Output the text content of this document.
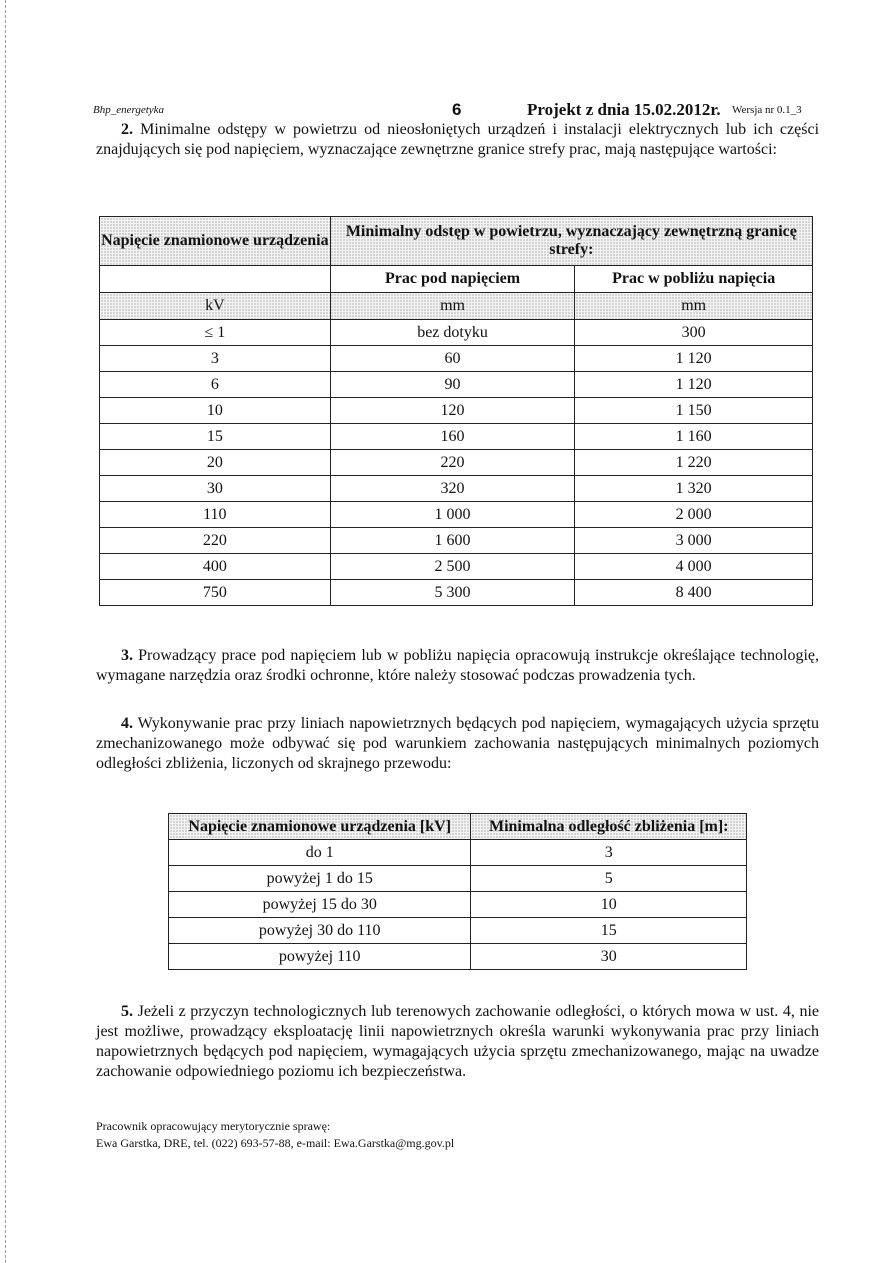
Bhp_energetyka	6	Projekt z dnia 15.02.2012r. Wersja nr 0.1_3
2. Minimalne odstępy w powietrzu od nieosłoniętych urządzeń i instalacji elektrycznych lub ich części znajdujących się pod napięciem, wyznaczające zewnętrzne granice strefy prac, mają następujące wartości:
Napięcie znamionowe urządzenia	Minimalny odstęp w powietrzu, wyznaczający zewnętrzną granicę strefy:	
	Prac pod napięciem	Prac w pobliżu napięcia
kV	mm	mm
≤ 1	bez dotyku	300
3	60	1 120
6	90	1 120
10	120	1 150
15	160	1 160
20	220	1 220
30	320	1 320
110	1 000	2 000
220	1 600	3 000
400	2 500	4 000
750	5 300	8 400
3. Prowadzący prace pod napięciem lub w pobliżu napięcia opracowują instrukcje określające technologię, wymagane narzędzia oraz środki ochronne, które należy stosować podczas prowadzenia tych.
4. Wykonywanie prac przy liniach napowietrznych będących pod napięciem, wymagających użycia sprzętu zmechanizowanego może odbywać się pod warunkiem zachowania następujących minimalnych poziomych odległości zbliżenia, liczonych od skrajnego przewodu:
Napięcie znamionowe urządzenia [kV]	Minimalna odległość zbliżenia [m]:
do 1	3
powyżej 1 do 15	5
powyżej 15 do 30	10
powyżej 30 do 110	15
powyżej 110	30
5. Jeżeli z przyczyn technologicznych lub terenowych zachowanie odległości, o których mowa w ust. 4, nie jest możliwe, prowadzący eksploatację linii napowietrznych określa warunki wykonywania prac przy liniach napowietrznych będących pod napięciem, wymagających użycia sprzętu zmechanizowanego, mając na uwadze zachowanie odpowiedniego poziomu ich bezpieczeństwa.
Pracownik opracowujący merytorycznie sprawę:
Ewa Garstka, DRE, tel. (022) 693-57-88, e-mail: Ewa.Garstka@mg.gov.pl
